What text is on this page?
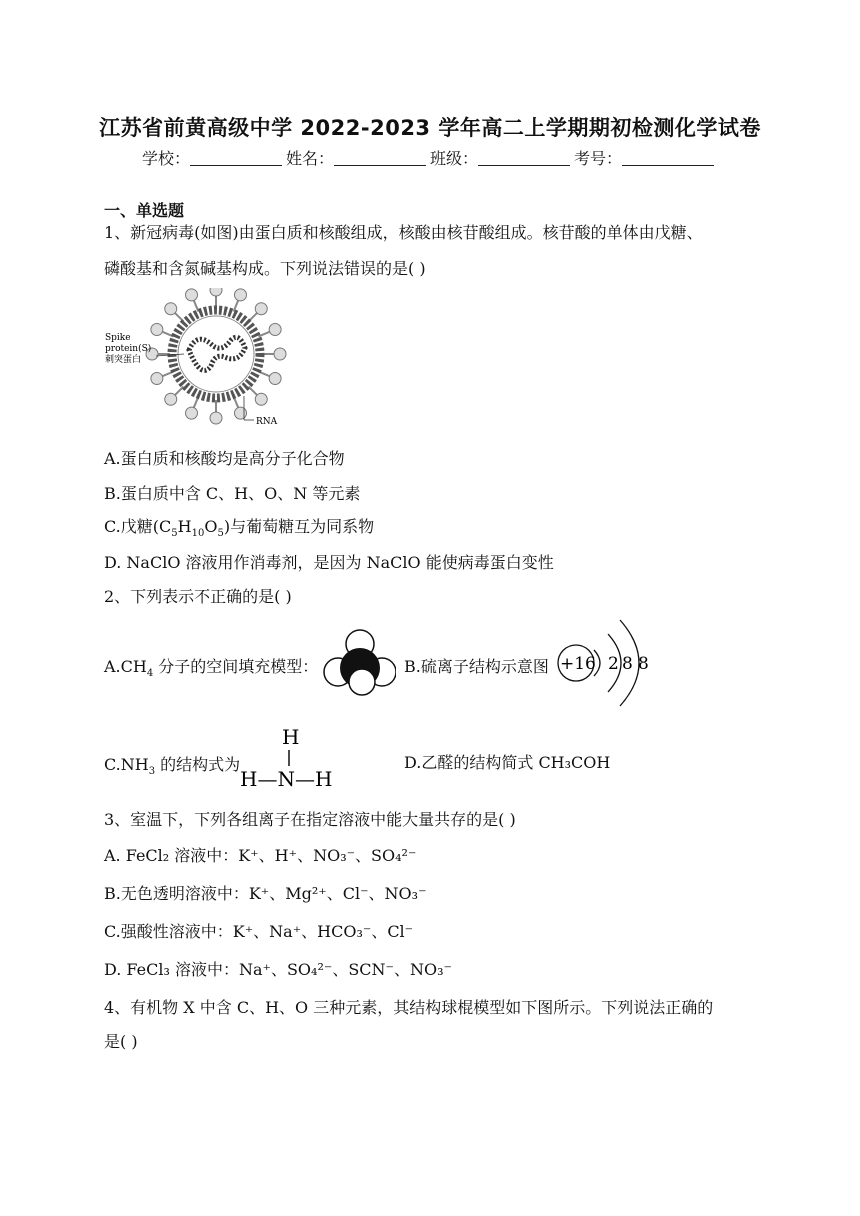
江苏省前黄高级中学 2022-2023 学年高二上学期期初检测化学试卷
学校：	姓名：	班级：	考号：
一、单选题
1、新冠病毒(如图)由蛋白质和核酸组成，核酸由核苷酸组成。核苷酸的单体由戊糖、
磷酸基和含氮碱基构成。下列说法错误的是( )
Spike
protein(S)
刺突蛋白
RNA
A.蛋白质和核酸均是高分子化合物
B.蛋白质中含 C、H、O、N 等元素
C.戊糖$(C_5H_{10}O_5)$与葡萄糖互为同系物
D. NaClO 溶液用作消毒剂，是因为 NaClO 能使病毒蛋白变性
2、下列表示不正确的是( )
$A.CH_4$ 分子的空间填充模型：	B.硫离子结构示意图 +16 2 8 8
$C.NH_3$ 的结构式为
H
H—N—H
D.乙醛的结构简式 CH₃COH
3、室温下，下列各组离子在指定溶液中能大量共存的是( )
A. FeCl₂ 溶液中：K⁺、H⁺、NO₃⁻、SO₄²⁻
B.无色透明溶液中：K⁺、Mg²⁺、Cl⁻、NO₃⁻
C.强酸性溶液中：K⁺、Na⁺、HCO₃⁻、Cl⁻
D. FeCl₃ 溶液中：Na⁺、SO₄²⁻、SCN⁻、NO₃⁻
4、有机物 X 中含 C、H、O 三种元素，其结构球棍模型如下图所示。下列说法正确的
是( )
